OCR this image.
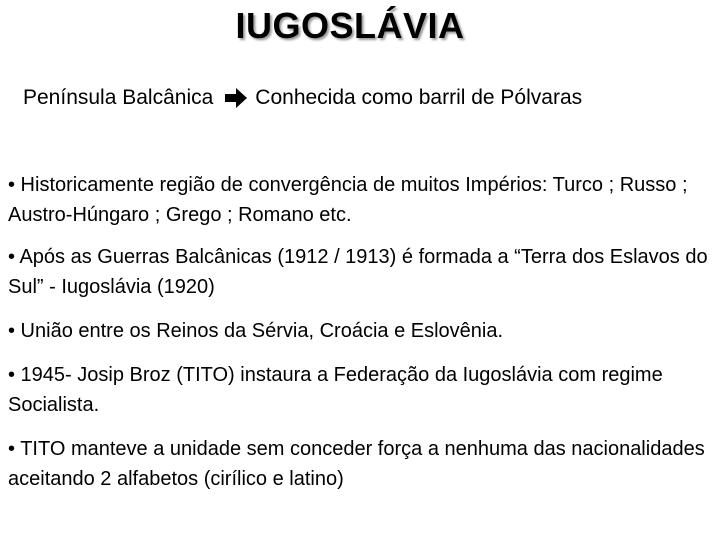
IUGOSLÁVIA
Península Balcânica Conhecida como barril de Pólvaras
• Historicamente região de convergência de muitos Impérios: Turco ; Russo ; Austro-Húngaro ; Grego ; Romano etc.
• Após as Guerras Balcânicas (1912 / 1913) é formada a “Terra dos Eslavos do Sul” - Iugoslávia (1920)
• União entre os Reinos da Sérvia, Croácia e Eslovênia.
• 1945- Josip Broz (TITO) instaura a Federação da Iugoslávia com regime Socialista.
• TITO manteve a unidade sem conceder força a nenhuma das nacionalidades aceitando 2 alfabetos (cirílico e latino)
